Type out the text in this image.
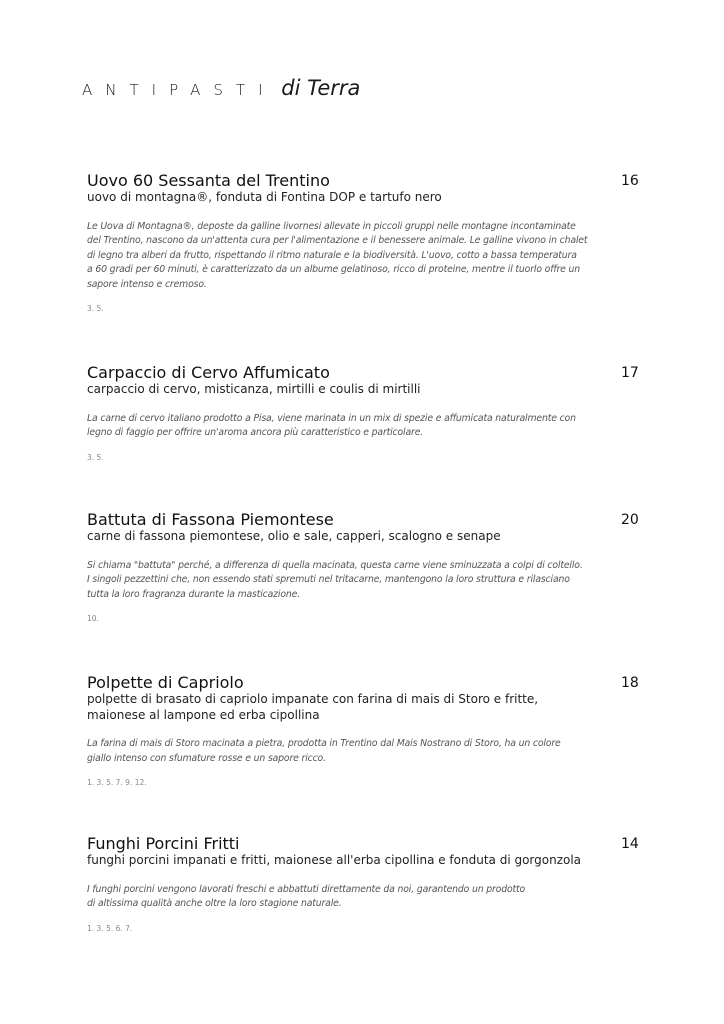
ANTIPASTI di Terra
Uovo 60 Sessanta del Trentino	16
uovo di montagna®, fonduta di Fontina DOP e tartufo nero
Le Uova di Montagna®, deposte da galline livornesi allevate in piccoli gruppi nelle montagne incontaminate
del Trentino, nascono da un'attenta cura per l'alimentazione e il benessere animale. Le galline vivono in chalet
di legno tra alberi da frutto, rispettando il ritmo naturale e la biodiversità. L'uovo, cotto a bassa temperatura
a 60 gradi per 60 minuti, è caratterizzato da un albume gelatinoso, ricco di proteine, mentre il tuorlo offre un
sapore intenso e cremoso.
3. 5.
Carpaccio di Cervo Affumicato	17
carpaccio di cervo, misticanza, mirtilli e coulis di mirtilli
La carne di cervo italiano prodotto a Pisa, viene marinata in un mix di spezie e affumicata naturalmente con
legno di faggio per offrire un'aroma ancora più caratteristico e particolare.
3. 5.
Battuta di Fassona Piemontese	20
carne di fassona piemontese, olio e sale, capperi, scalogno e senape
Si chiama "battuta" perché, a differenza di quella macinata, questa carne viene sminuzzata a colpi di coltello.
I singoli pezzettini che, non essendo stati spremuti nel tritacarne, mantengono la loro struttura e rilasciano
tutta la loro fragranza durante la masticazione.
10.
Polpette di Capriolo	18
polpette di brasato di capriolo impanate con farina di mais di Storo e fritte,
maionese al lampone ed erba cipollina
La farina di mais di Storo macinata a pietra, prodotta in Trentino dal Mais Nostrano di Storo, ha un colore
giallo intenso con sfumature rosse e un sapore ricco.
1. 3. 5. 7. 9. 12.
Funghi Porcini Fritti	14
funghi porcini impanati e fritti, maionese all'erba cipollina e fonduta di gorgonzola
I funghi porcini vengono lavorati freschi e abbattuti direttamente da noi, garantendo un prodotto
di altissima qualità anche oltre la loro stagione naturale.
1. 3. 5. 6. 7.
